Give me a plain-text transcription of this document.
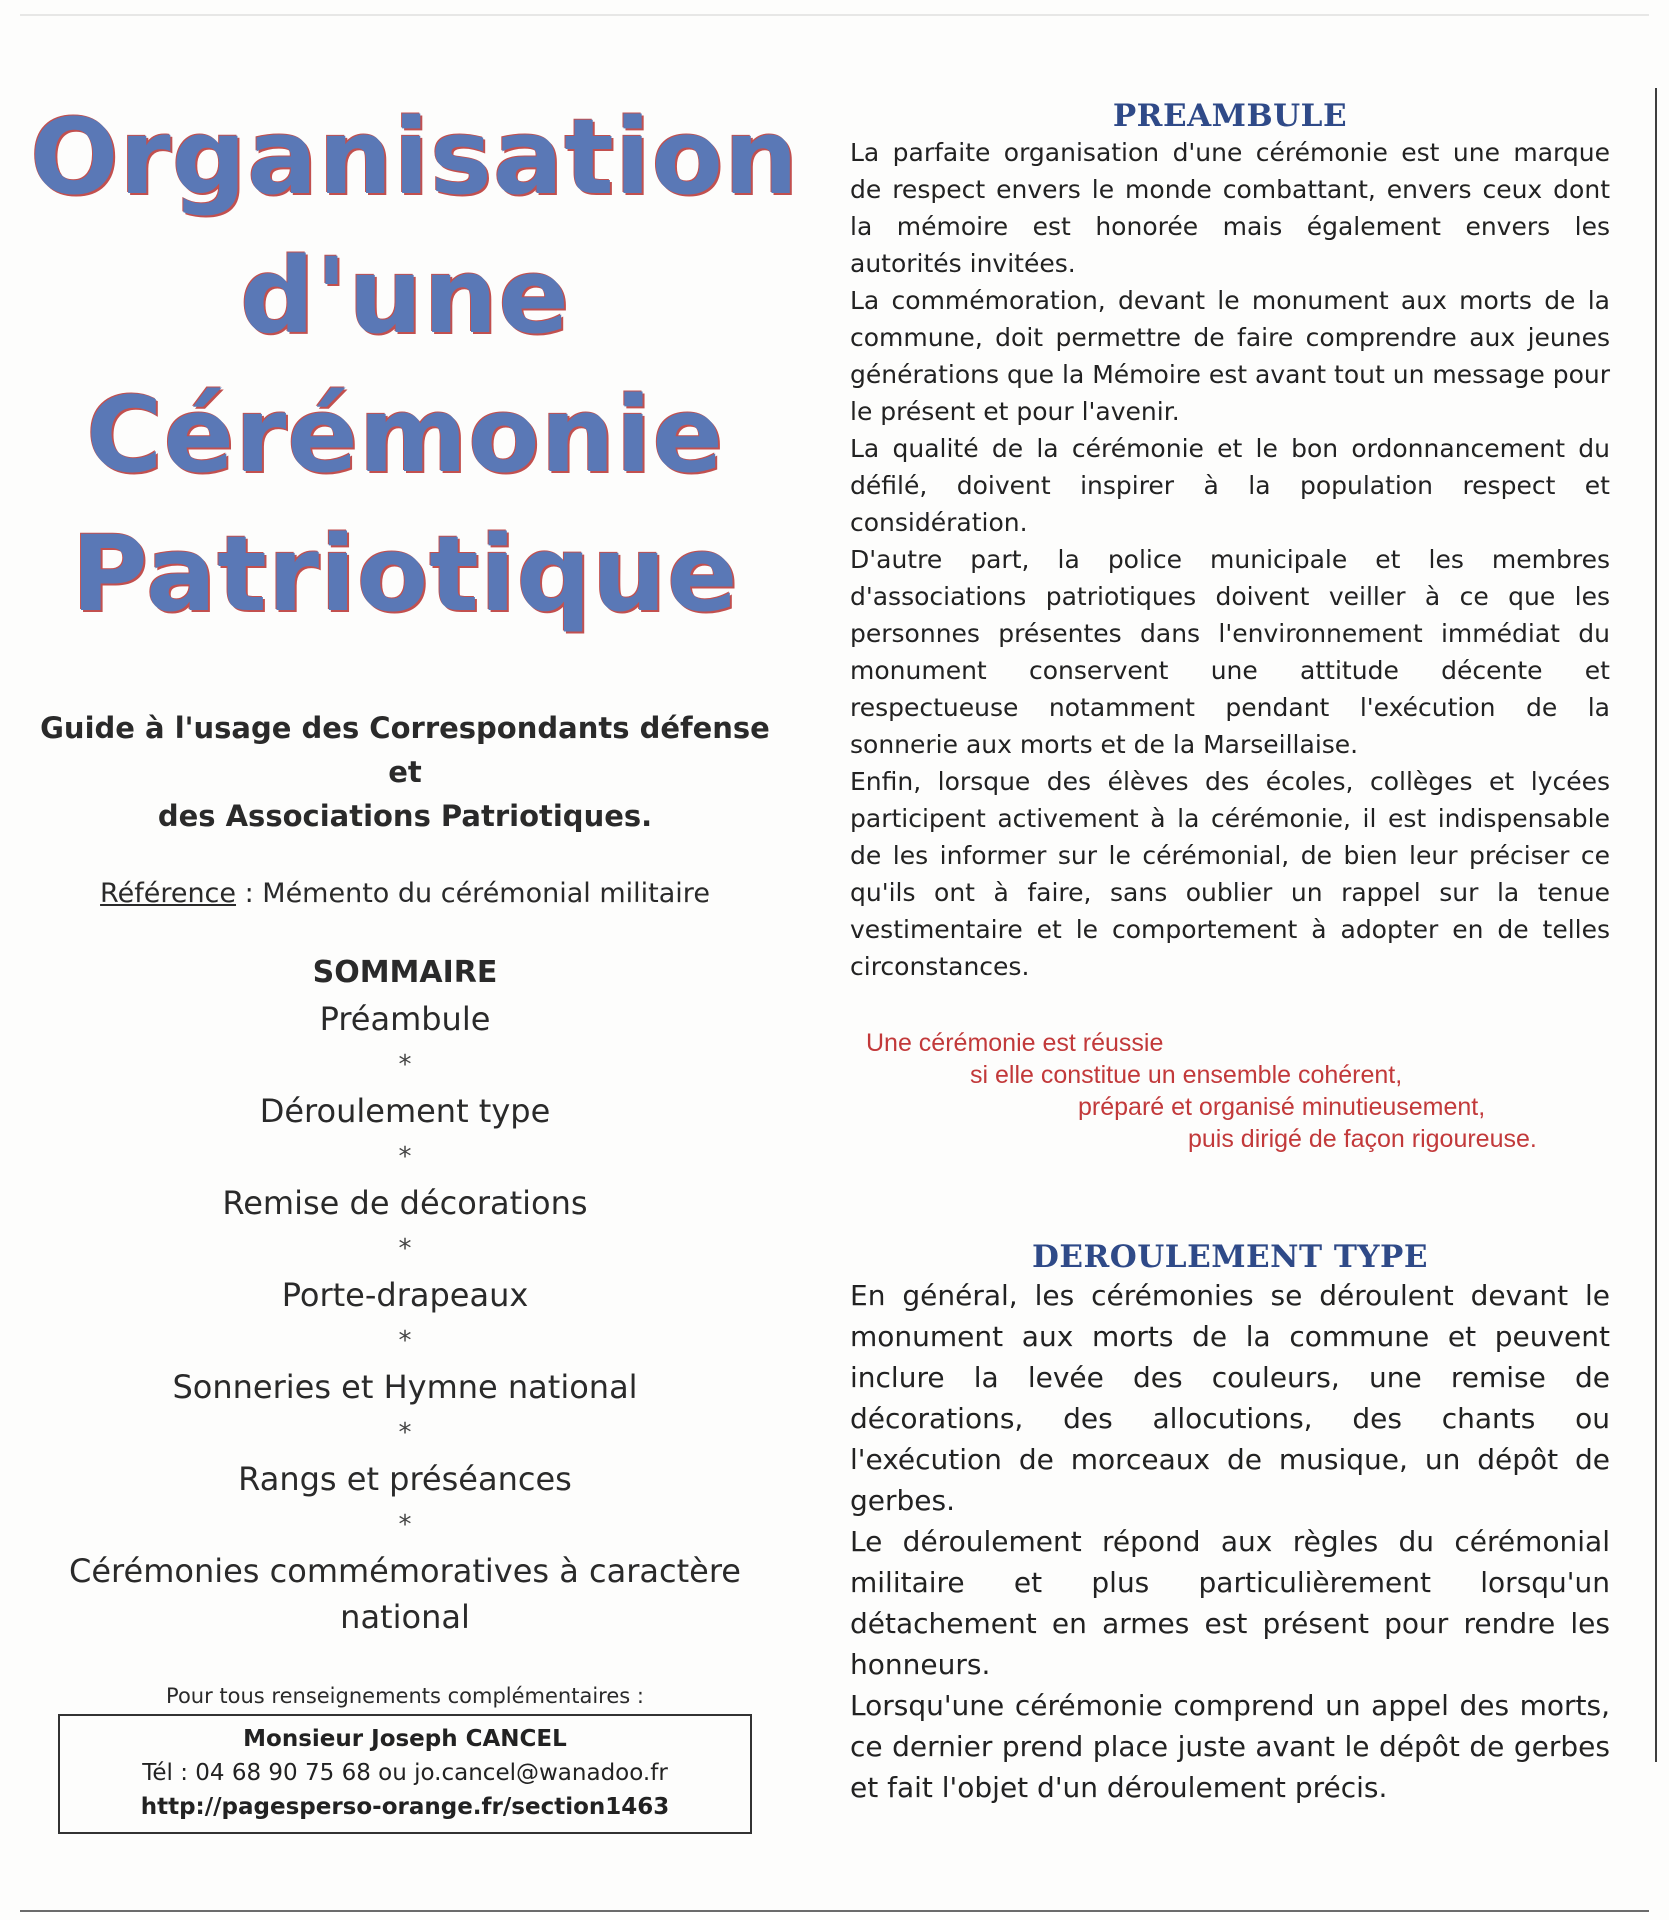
Organisation
d'une
Cérémonie
Patriotique
Guide à l'usage des Correspondants défense et
des Associations Patriotiques.
Référence : Mémento du cérémonial militaire
SOMMAIRE
Préambule
*
Déroulement type
*
Remise de décorations
*
Porte-drapeaux
*
Sonneries et Hymne national
*
Rangs et préséances
*
Cérémonies commémoratives à caractère
national
Pour tous renseignements complémentaires :
Monsieur Joseph CANCEL
Tél : 04 68 90 75 68 ou jo.cancel@wanadoo.fr
http://pagesperso-orange.fr/section1463
PREAMBULE

La parfaite organisation d'une cérémonie est une marque de respect envers le monde combattant, envers ceux dont la mémoire est honorée mais également envers les autorités invitées.

La commémoration, devant le monument aux morts de la commune, doit permettre de faire comprendre aux jeunes générations que la Mémoire est avant tout un message pour le présent et pour l'avenir.

La qualité de la cérémonie et le bon ordonnancement du défilé, doivent inspirer à la population respect et considération.

D'autre part, la police municipale et les membres d'associations patriotiques doivent veiller à ce que les personnes présentes dans l'environnement immédiat du monument conservent une attitude décente et respectueuse notamment pendant l'exécution de la sonnerie aux morts et de la Marseillaise.

Enfin, lorsque des élèves des écoles, collèges et lycées participent activement à la cérémonie, il est indispensable de les informer sur le cérémonial, de bien leur préciser ce qu'ils ont à faire, sans oublier un rappel sur la tenue vestimentaire et le comportement à adopter en de telles circonstances.

Une cérémonie est réussie
si elle constitue un ensemble cohérent,
préparé et organisé minutieusement,
puis dirigé de façon rigoureuse.
DEROULEMENT TYPE

En général, les cérémonies se déroulent devant le monument aux morts de la commune et peuvent inclure la levée des couleurs, une remise de décorations, des allocutions, des chants ou l'exécution de morceaux de musique, un dépôt de gerbes.

Le déroulement répond aux règles du cérémonial militaire et plus particulièrement lorsqu'un détachement en armes est présent pour rendre les honneurs.

Lorsqu'une cérémonie comprend un appel des morts, ce dernier prend place juste avant le dépôt de gerbes et fait l'objet d'un déroulement précis.
